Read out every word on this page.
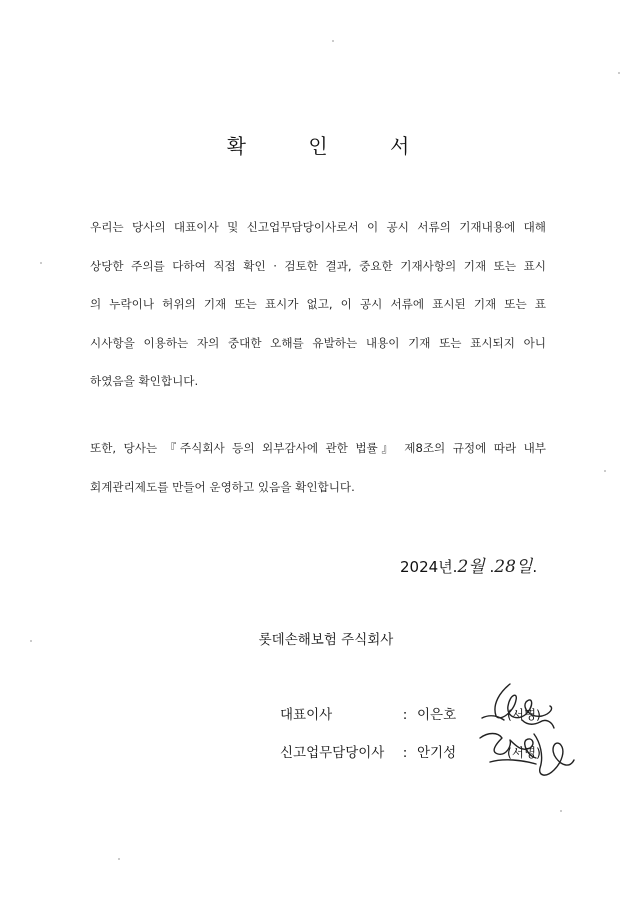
확 인 서
우리는 당사의 대표이사 및 신고업무담당이사로서 이 공시 서류의 기재내용에 대해
상당한 주의를 다하여 직접 확인 · 검토한 결과, 중요한 기재사항의 기재 또는 표시
의 누락이나 허위의 기재 또는 표시가 없고, 이 공시 서류에 표시된 기재 또는 표
시사항을 이용하는 자의 중대한 오해를 유발하는 내용이 기재 또는 표시되지 아니
하였음을 확인합니다.
또한, 당사는 『주식회사 등의 외부감사에 관한 법률』 제8조의 규정에 따라 내부
회계관리제도를 만들어 운영하고 있음을 확인합니다.
2024년.2월 .28일.
롯데손해보험 주식회사
대표이사	: 이은호	(서명)
신고업무담당이사 : 안기성	(서명)
